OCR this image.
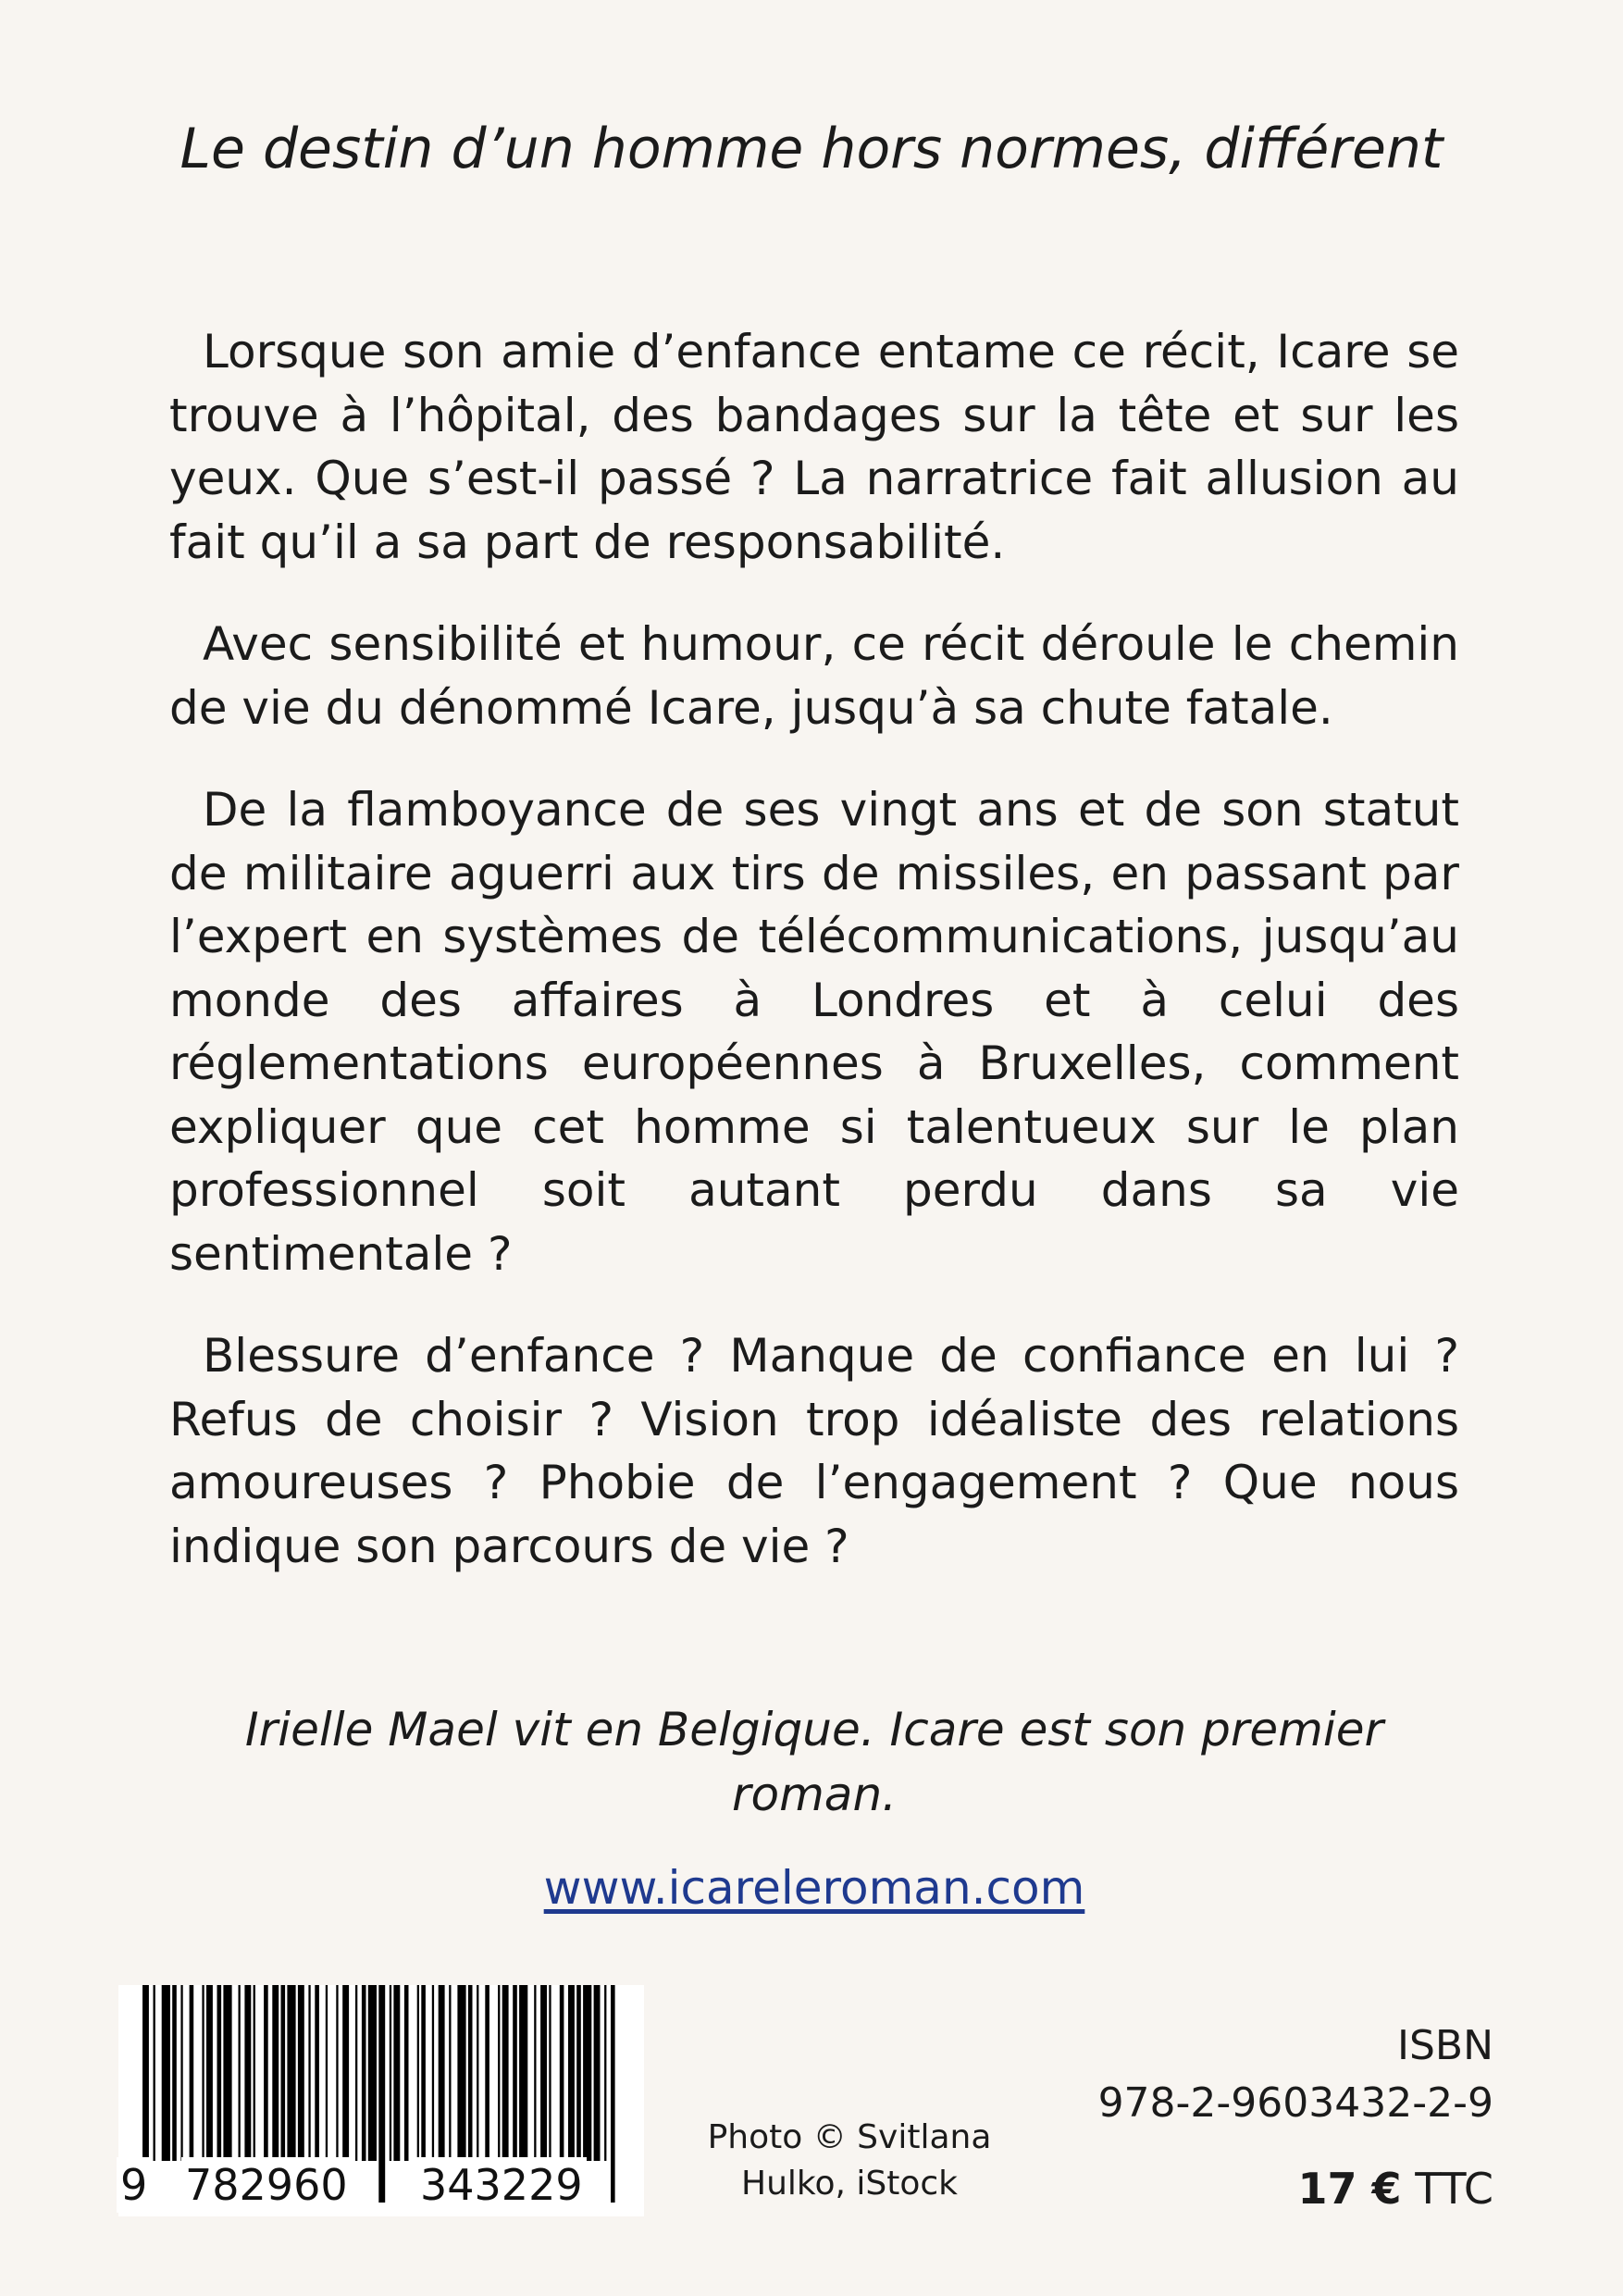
Le destin d’un homme hors normes, différent

Lorsque son amie d’enfance entame ce récit, Icare se trouve à l’hôpital, des bandages sur la tête et sur les yeux. Que s’est-il passé ? La narratrice fait allusion au fait qu’il a sa part de responsabilité.

Avec sensibilité et humour, ce récit déroule le chemin de vie du dénommé Icare, jusqu’à sa chute fatale.

De la flamboyance de ses vingt ans et de son statut de militaire aguerri aux tirs de missiles, en passant par l’expert en systèmes de télécommunications, jusqu’au monde des affaires à Londres et à celui des réglementations européennes à Bruxelles, comment expliquer que cet homme si talentueux sur le plan professionnel soit autant perdu dans sa vie sentimentale ?

Blessure d’enfance ? Manque de confiance en lui ? Refus de choisir ? Vision trop idéaliste des relations amoureuses ? Phobie de l’engagement ? Que nous indique son parcours de vie ?

Irielle Mael vit en Belgique. Icare est son premier roman.

www.icareleroman.com

9 782960 343229
Photo © Svitlana
Hulko, iStock
ISBN
978-2-9603432-2-9
17 € TTC
